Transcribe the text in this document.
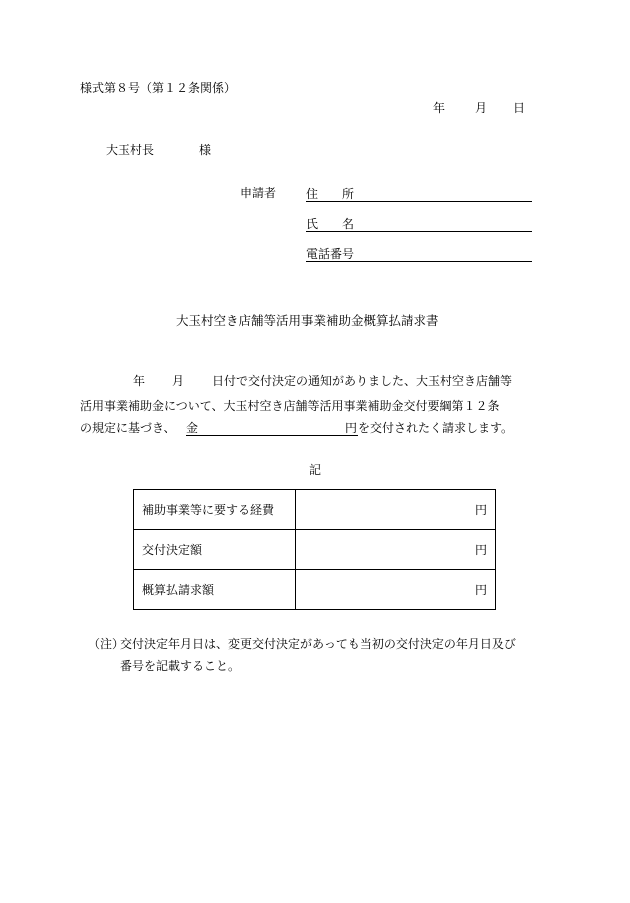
様式第８号（第１２条関係）
年 月 日
大玉村長	様
申請者 住　　所
氏　　名
電話番号
大玉村空き店舗等活用事業補助金概算払請求書
年 月 日付で交付決定の通知がありました、大玉村空き店舗等
活用事業補助金について、大玉村空き店舗等活用事業補助金交付要綱第１２条
の規定に基づき、 金	円 を交付されたく請求します。
記
補助事業等に要する経費	円
交付決定額	円
概算払請求額	円
（注）
交付決定年月日は、変更交付決定があっても当初の交付決定の年月日及び
番号を記載すること。
